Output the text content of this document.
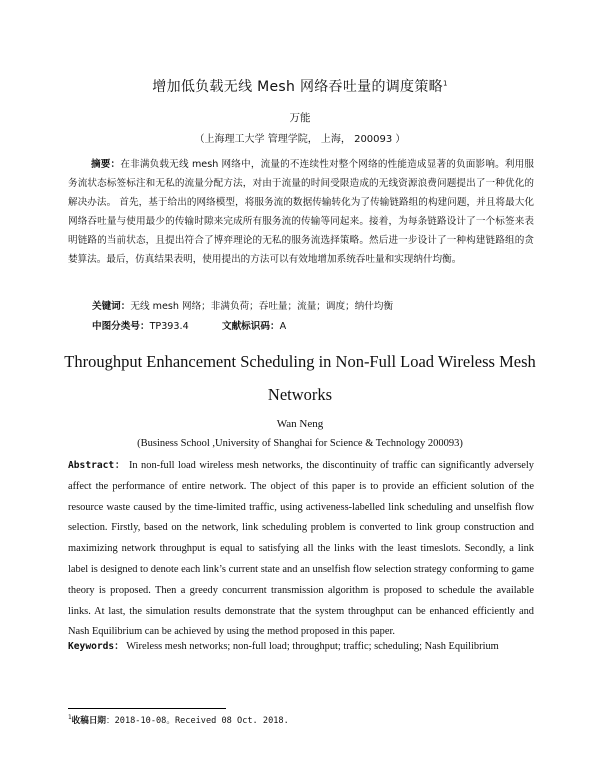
增加低负载无线 Mesh 网络吞吐量的调度策略$^1$
万能
（上海理工大学 管理学院， 上海， 200093 ）

摘要：在非满负载无线 mesh 网络中，流量的不连续性对整个网络的性能造成显著的负面影响。利用服务流状态标签标注和无私的流量分配方法，对由于流量的时间受限造成的无线资源浪费问题提出了一种优化的解决办法。 首先，基于给出的网络模型，将服务流的数据传输转化为了传输链路组的构建问题，并且将最大化网络吞吐量与使用最少的传输时隙来完成所有服务流的传输等同起来。接着，为每条链路设计了一个标签来表明链路的当前状态，且提出符合了博弈理论的无私的服务流选择策略。然后进一步设计了一种构建链路组的贪婪算法。最后，仿真结果表明，使用提出的方法可以有效地增加系统吞吐量和实现纳什均衡。

关键词：无线 mesh 网络；非满负荷；吞吐量；流量；调度；纳什均衡
中图分类号：TP393.4	文献标识码：A
Throughput Enhancement Scheduling in Non-Full Load Wireless Mesh Networks
Wan Neng
(Business School ,University of Shanghai for Science & Technology 200093)

Abstract： In non-full load wireless mesh networks, the discontinuity of traffic can significantly adversely affect the performance of entire network. The object of this paper is to provide an efficient solution of the resource waste caused by the time-limited traffic, using activeness-labelled link scheduling and unselfish flow selection. Firstly, based on the network, link scheduling problem is converted to link group construction and maximizing network throughput is equal to satisfying all the links with the least timeslots. Secondly, a link label is designed to denote each link’s current state and an unselfish flow selection strategy conforming to game theory is proposed. Then a greedy concurrent transmission algorithm is proposed to schedule the available links. At last, the simulation results demonstrate that the system throughput can be enhanced efficiently and Nash Equilibrium can be achieved by using the method proposed in this paper.

Keywords： Wireless mesh networks; non-full load; throughput; traffic; scheduling; Nash Equilibrium
$^1$收稿日期：2018-10-08。Received 08 Oct. 2018.
